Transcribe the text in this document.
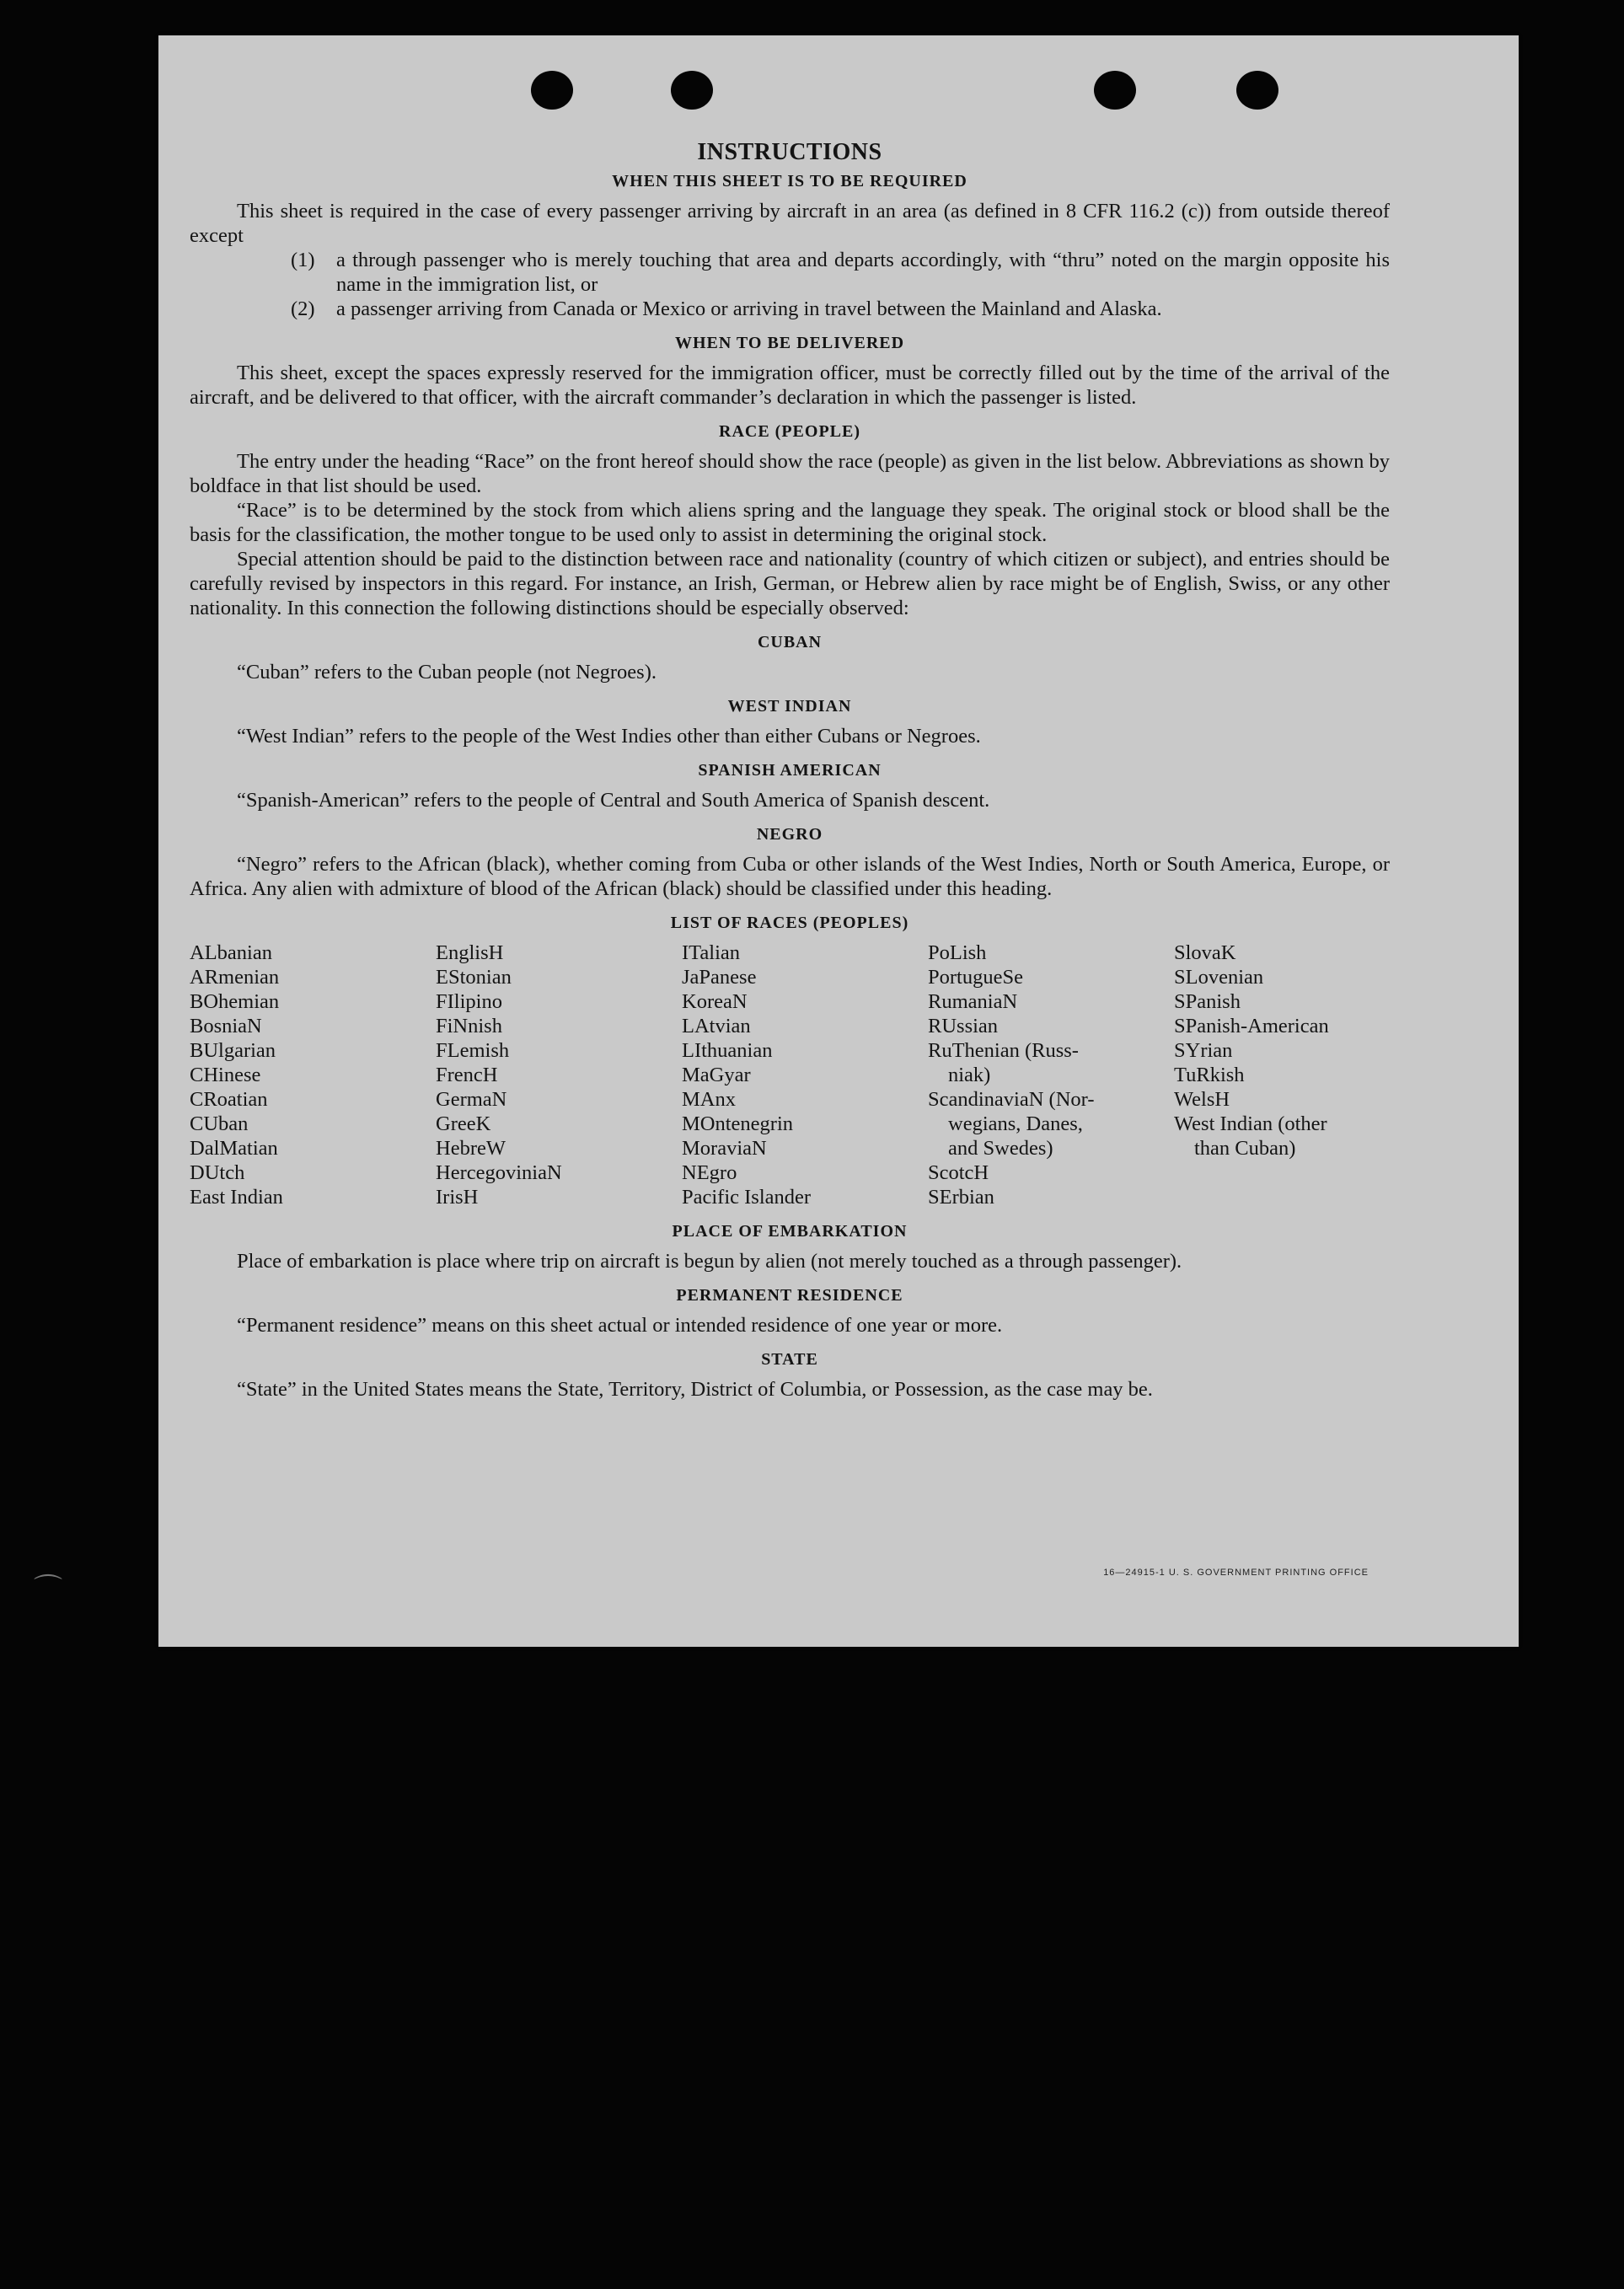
INSTRUCTIONS
WHEN THIS SHEET IS TO BE REQUIRED

This sheet is required in the case of every passenger arriving by aircraft in an area (as defined in 8 CFR 116.2 (c)) from outside thereof except

(1)	a through passenger who is merely touching that area and departs accordingly, with “thru” noted on the margin opposite his name in the immigration list, or
(2)	a passenger arriving from Canada or Mexico or arriving in travel between the Mainland and Alaska.
WHEN TO BE DELIVERED

This sheet, except the spaces expressly reserved for the immigration officer, must be correctly filled out by the time of the arrival of the aircraft, and be delivered to that officer, with the aircraft commander’s declaration in which the passenger is listed.

RACE (PEOPLE)

The entry under the heading “Race” on the front hereof should show the race (people) as given in the list below. Abbreviations as shown by boldface in that list should be used.

“Race” is to be determined by the stock from which aliens spring and the language they speak. The original stock or blood shall be the basis for the classification, the mother tongue to be used only to assist in determining the original stock.

Special attention should be paid to the distinction between race and nationality (country of which citizen or subject), and entries should be carefully revised by inspectors in this regard. For instance, an Irish, German, or Hebrew alien by race might be of English, Swiss, or any other nationality. In this connection the following distinctions should be especially observed:

CUBAN

“Cuban” refers to the Cuban people (not Negroes).

WEST INDIAN

“West Indian” refers to the people of the West Indies other than either Cubans or Negroes.

SPANISH AMERICAN

“Spanish-American” refers to the people of Central and South America of Spanish descent.

NEGRO

“Negro” refers to the African (black), whether coming from Cuba or other islands of the West Indies, North or South America, Europe, or Africa. Any alien with admixture of blood of the African (black) should be classified under this heading.

LIST OF RACES (PEOPLES)
ALbanian
ARmenian
BOhemian
BosniaN
BUlgarian
CHinese
CRoatian
CUban
DalMatian
DUtch
East Indian
EnglisH
EStonian
FIlipino
FiNnish
FLemish
FrencH
GermaN
GreeK
HebreW
HercegoviniaN
IrisH
ITalian
JaPanese
KoreaN
LAtvian
LIthuanian
MaGyar
MAnx
MOntenegrin
MoraviaN
NEgro
Pacific Islander
PoLish
PortugueSe
RumaniaN
RUssian
RuThenian (Russ-
niak)
ScandinaviaN (Nor-
wegians, Danes,
and Swedes)
ScotcH
SErbian
SlovaK
SLovenian
SPanish
SPanish-American
SYrian
TuRkish
WelsH
West Indian (other
than Cuban)
PLACE OF EMBARKATION

Place of embarkation is place where trip on aircraft is begun by alien (not merely touched as a through passenger).

PERMANENT RESIDENCE

“Permanent residence” means on this sheet actual or intended residence of one year or more.

STATE

“State” in the United States means the State, Territory, District of Columbia, or Possession, as the case may be.

16—24915-1 U. S. GOVERNMENT PRINTING OFFICE
⌒
